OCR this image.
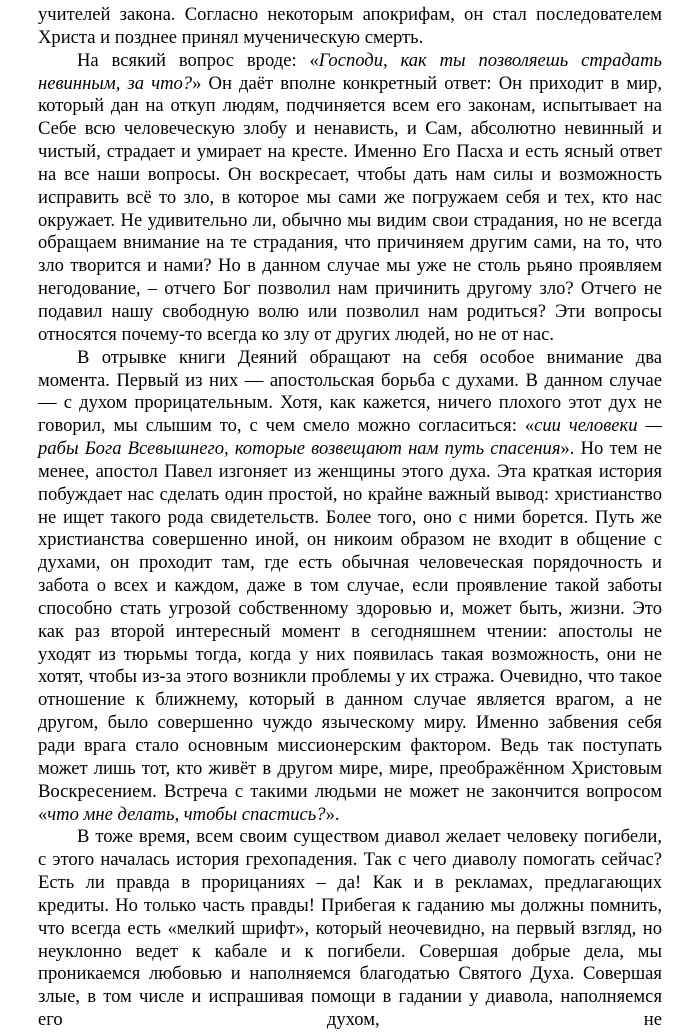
учителей закона. Согласно некоторым апокрифам, он стал последователем Христа и позднее принял мученическую смерть.

На всякий вопрос вроде: «Господи, как ты позволяешь страдать невинным, за что?» Он даёт вполне конкретный ответ: Он приходит в мир, который дан на откуп людям, подчиняется всем его законам, испытывает на Себе всю человеческую злобу и ненависть, и Сам, абсолютно невинный и чистый, страдает и умирает на кресте. Именно Его Пасха и есть ясный ответ на все наши вопросы. Он воскресает, чтобы дать нам силы и возможность исправить всё то зло, в которое мы сами же погружаем себя и тех, кто нас окружает. Не удивительно ли, обычно мы видим свои страдания, но не всегда обращаем внимание на те страдания, что причиняем другим сами, на то, что зло творится и нами? Но в данном случае мы уже не столь рьяно проявляем негодование, – отчего Бог позволил нам причинить другому зло? Отчего не подавил нашу свободную волю или позволил нам родиться? Эти вопросы относятся почему-то всегда ко злу от других людей, но не от нас.

В отрывке книги Деяний обращают на себя особое внимание два момента. Первый из них — апостольская борьба с духами. В данном случае — с духом прорицательным. Хотя, как кажется, ничего плохого этот дух не говорил, мы слышим то, с чем смело можно согласиться: «сии человеки — рабы Бога Всевышнего, которые возвещают нам путь спасения». Но тем не менее, апостол Павел изгоняет из женщины этого духа. Эта краткая история побуждает нас сделать один простой, но крайне важный вывод: христианство не ищет такого рода свидетельств. Более того, оно с ними борется. Путь же христианства совершенно иной, он никоим образом не входит в общение с духами, он проходит там, где есть обычная человеческая порядочность и забота о всех и каждом, даже в том случае, если проявление такой заботы способно стать угрозой собственному здоровью и, может быть, жизни. Это как раз второй интересный момент в сегодняшнем чтении: апостолы не уходят из тюрьмы тогда, когда у них появилась такая возможность, они не хотят, чтобы из-за этого возникли проблемы у их стража. Очевидно, что такое отношение к ближнему, который в данном случае является врагом, а не другом, было совершенно чуждо языческому миру. Именно забвения себя ради врага стало основным миссионерским фактором. Ведь так поступать может лишь тот, кто живёт в другом мире, мире, преображённом Христовым Воскресением. Встреча с такими людьми не может не закончится вопросом «что мне делать, чтобы спастись?».

В тоже время, всем своим существом диавол желает человеку погибели, с этого началась история грехопадения. Так с чего диаволу помогать сейчас? Есть ли правда в прорицаниях – да! Как и в рекламах, предлагающих кредиты. Но только часть правды! Прибегая к гаданию мы должны помнить, что всегда есть «мелкий шрифт», который неочевидно, на первый взгляд, но неуклонно ведет к кабале и к погибели. Совершая добрые дела, мы проникаемся любовью и наполняемся благодатью Святого Духа. Совершая злые, в том числе и испрашивая помощи в гадании у диавола, наполняемся его духом, не
